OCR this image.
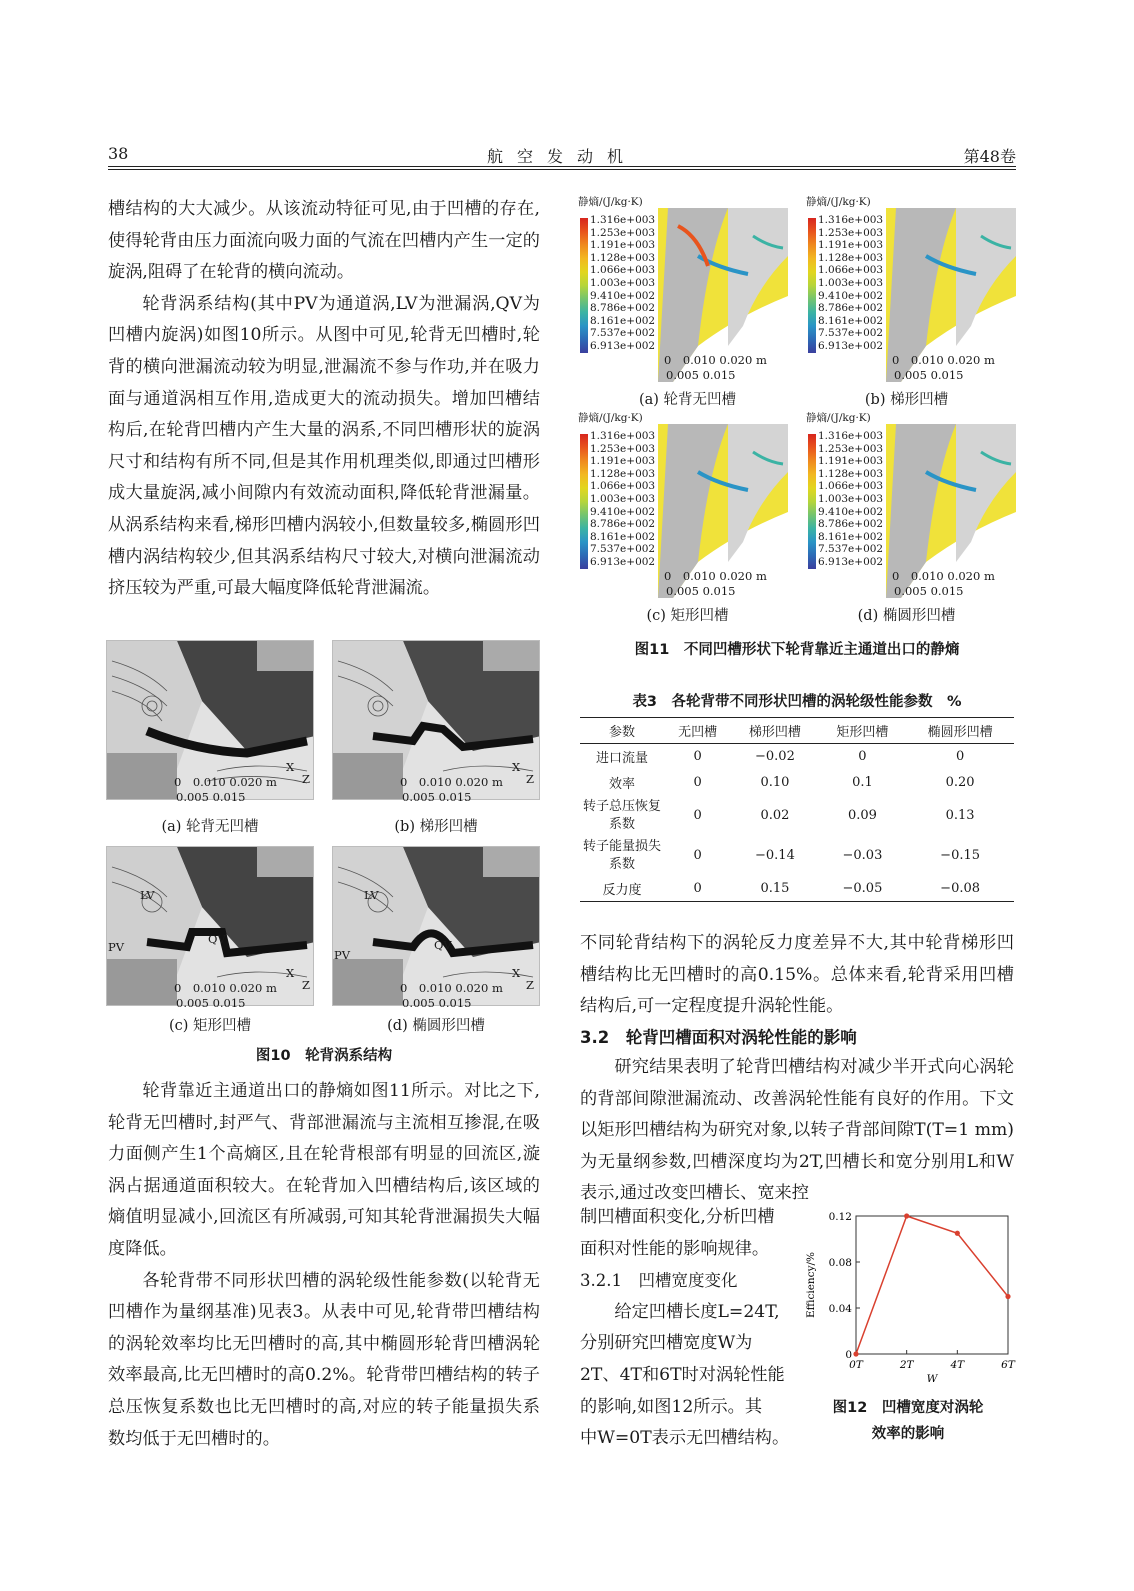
38	航空发动机	第48卷

槽结构的大大减少。从该流动特征可见,由于凹槽的存在,使得轮背由压力面流向吸力面的气流在凹槽内产生一定的旋涡,阻碍了在轮背的横向流动。

轮背涡系结构(其中PV为通道涡,LV为泄漏涡,QV为凹槽内旋涡)如图10所示。从图中可见,轮背无凹槽时,轮背的横向泄漏流动较为明显,泄漏流不参与作功,并在吸力面与通道涡相互作用,造成更大的流动损失。增加凹槽结构后,在轮背凹槽内产生大量的涡系,不同凹槽形状的旋涡尺寸和结构有所不同,但是其作用机理类似,即通过凹槽形成大量旋涡,减小间隙内有效流动面积,降低轮背泄漏量。从涡系结构来看,梯形凹槽内涡较小,但数量较多,椭圆形凹槽内涡结构较少,但其涡系结构尺寸较大,对横向泄漏流动挤压较为严重,可最大幅度降低轮背泄漏流。

LV
PV
QV
LV
PV
QV
0　0.010 0.020 m
0.005 0.015
X
Z	0　0.010 0.020 m
0.005 0.015
X
Z
0　0.010 0.020 m
0.005 0.015
X
Z	0　0.010 0.020 m
0.005 0.015
X
Z
(a) 轮背无凹槽	(b) 梯形凹槽
(c) 矩形凹槽	(d) 椭圆形凹槽
图10　轮背涡系结构

轮背靠近主通道出口的静熵如图11所示。对比之下,轮背无凹槽时,封严气、背部泄漏流与主流相互掺混,在吸力面侧产生1个高熵区,且在轮背根部有明显的回流区,漩涡占据通道面积较大。在轮背加入凹槽结构后,该区域的熵值明显减小,回流区有所减弱,可知其轮背泄漏损失大幅度降低。

各轮背带不同形状凹槽的涡轮级性能参数(以轮背无凹槽作为量纲基准)见表3。从表中可见,轮背带凹槽结构的涡轮效率均比无凹槽时的高,其中椭圆形轮背凹槽涡轮效率最高,比无凹槽时的高0.2%。轮背带凹槽结构的转子总压恢复系数也比无凹槽时的高,对应的转子能量损失系数均低于无凹槽时的。

静熵/(J/kg·K)
1.316e+003
1.253e+003
1.191e+003
1.128e+003
1.066e+003
1.003e+003
9.410e+002
8.786e+002
8.161e+002
7.537e+002
6.913e+002
0　0.010 0.020 m
0.005 0.015
静熵/(J/kg·K)
1.316e+003
1.253e+003
1.191e+003
1.128e+003
1.066e+003
1.003e+003
9.410e+002
8.786e+002
8.161e+002
7.537e+002
6.913e+002
0　0.010 0.020 m
0.005 0.015
静熵/(J/kg·K)
1.316e+003
1.253e+003
1.191e+003
1.128e+003
1.066e+003
1.003e+003
9.410e+002
8.786e+002
8.161e+002
7.537e+002
6.913e+002
0　0.010 0.020 m
0.005 0.015
静熵/(J/kg·K)
1.316e+003
1.253e+003
1.191e+003
1.128e+003
1.066e+003
1.003e+003
9.410e+002
8.786e+002
8.161e+002
7.537e+002
6.913e+002
0　0.010 0.020 m
0.005 0.015
(a) 轮背无凹槽	(b) 梯形凹槽
(c) 矩形凹槽	(d) 椭圆形凹槽
图11　不同凹槽形状下轮背靠近主通道出口的静熵
表3　各轮背带不同形状凹槽的涡轮级性能参数　%
参数	无凹槽	梯形凹槽	矩形凹槽	椭圆形凹槽
进口流量	0	−0.02	0	0
效率	0	0.10	0.1	0.20
转子总压恢复系数	0	0.02	0.09	0.13
转子能量损失系数	0	−0.14	−0.03	−0.15
反力度	0	0.15	−0.05	−0.08

不同轮背结构下的涡轮反力度差异不大,其中轮背梯形凹槽结构比无凹槽时的高0.15%。总体来看,轮背采用凹槽结构后,可一定程度提升涡轮性能。

3.2　轮背凹槽面积对涡轮性能的影响

研究结果表明了轮背凹槽结构对减少半开式向心涡轮的背部间隙泄漏流动、改善涡轮性能有良好的作用。下文以矩形凹槽结构为研究对象,以转子背部间隙T(T=1 mm)为无量纲参数,凹槽深度均为2T,凹槽长和宽分别用L和W表示,通过改变凹槽长、宽来控

制凹槽面积变化,分析凹槽

面积对性能的影响规律。

3.2.1　凹槽宽度变化

给定凹槽长度L=24T,

分别研究凹槽宽度W为

2T、4T和6T时对涡轮性能

的影响,如图12所示。其

中W=0T表示无凹槽结构。

0
0.04
0.08
0.12
0T	2T	4T	6T
W
Efficiency/%
图12　凹槽宽度对涡轮
效率的影响
